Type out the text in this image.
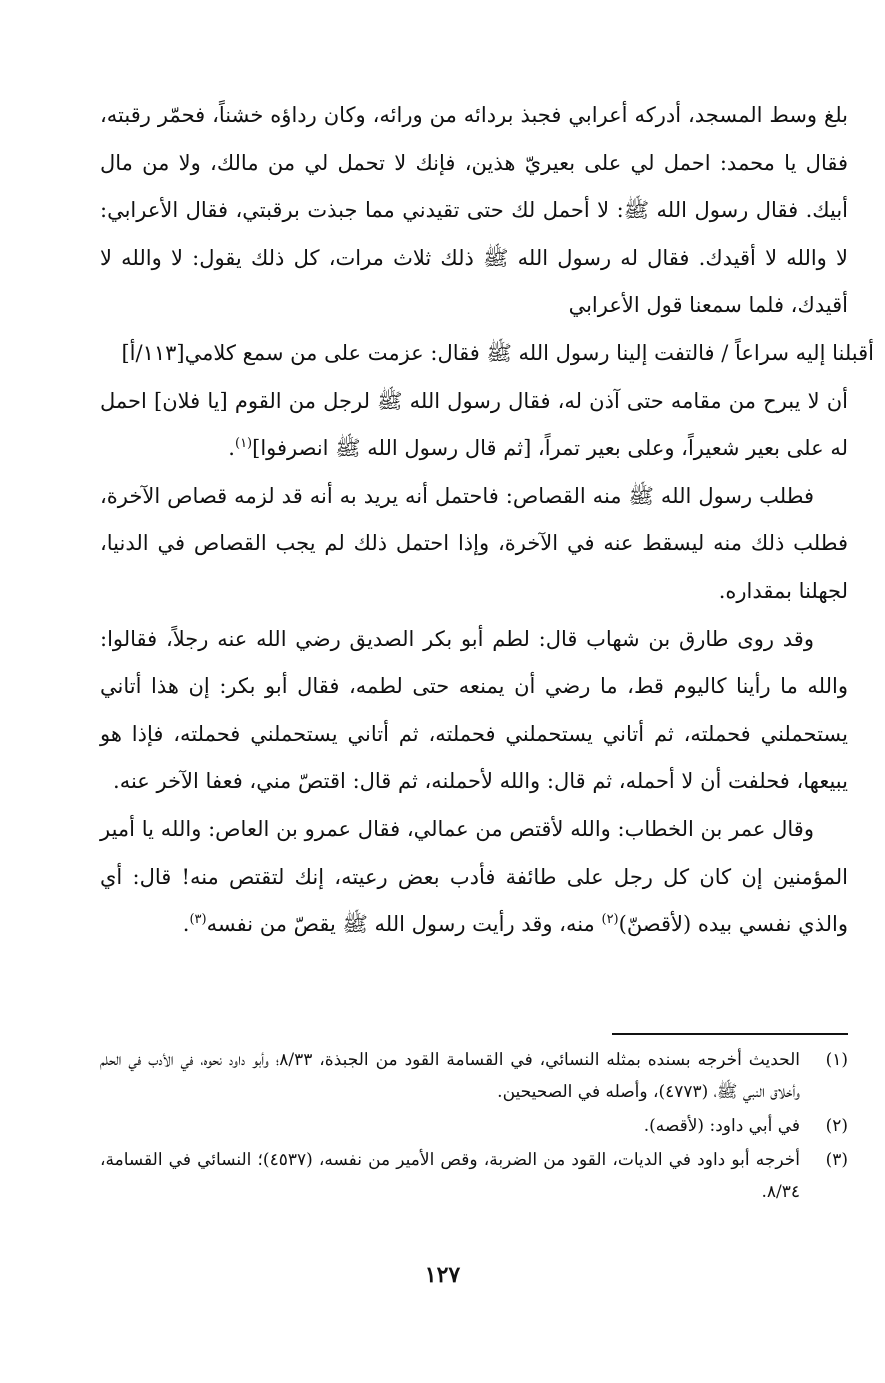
بلغ وسط المسجد، أدركه أعرابي فجبذ بردائه من ورائه، وكان رداؤه خشناً، فحمّر رقبته، فقال يا محمد: احمل لي على بعيريّ هذين، فإنك لا تحمل لي من مالك، ولا من مال أبيك. فقال رسول الله ﷺ: لا أحمل لك حتى تقيدني مما جبذت برقبتي، فقال الأعرابي: لا والله لا أقيدك. فقال له رسول الله ﷺ ذلك ثلاث مرات، كل ذلك يقول: لا والله لا أقيدك، فلما سمعنا قول الأعرابي

أقبلنا إليه سراعاً / فالتفت إلينا رسول الله ﷺ فقال: عزمت على من سمع كلامي[١١٣/أ]

أن لا يبرح من مقامه حتى آذن له، فقال رسول الله ﷺ لرجل من القوم [يا فلان] احمل له على بعير شعيراً، وعلى بعير تمراً، [ثم قال رسول الله ﷺ انصرفوا]$^{(١)}$.

فطلب رسول الله ﷺ منه القصاص: فاحتمل أنه يريد به أنه قد لزمه قصاص الآخرة، فطلب ذلك منه ليسقط عنه في الآخرة، وإذا احتمل ذلك لم يجب القصاص في الدنيا، لجهلنا بمقداره.

وقد روى طارق بن شهاب قال: لطم أبو بكر الصديق رضي الله عنه رجلاً، فقالوا: والله ما رأينا كاليوم قط، ما رضي أن يمنعه حتى لطمه، فقال أبو بكر: إن هذا أتاني يستحملني فحملته، ثم أتاني يستحملني فحملته، ثم أتاني يستحملني فحملته، فإذا هو يبيعها، فحلفت أن لا أحمله، ثم قال: والله لأحملنه، ثم قال: اقتصّ مني، فعفا الآخر عنه.

وقال عمر بن الخطاب: والله لأقتص من عمالي، فقال عمرو بن العاص: والله يا أمير المؤمنين إن كان كل رجل على طائفة فأدب بعض رعيته، إنك لتقتص منه! قال: أي والذي نفسي بيده (لأقصنّ)$^{(٢)}$ منه، وقد رأيت رسول الله ﷺ يقصّ من نفسه$^{(٣)}$.

(١)
الحديث أخرجه بسنده بمثله النسائي، في القسامة القود من الجبذة، ٨/٣٣؛ وأبو داود نحوه، في الأدب في الحلم وأخلاق النبي ﷺ، (٤٧٧٣)، وأصله في الصحيحين.
(٢)
في أبي داود: (لأقصه).
(٣)
أخرجه أبو داود في الديات، القود من الضربة، وقص الأمير من نفسه، (٤٥٣٧)؛ النسائي في القسامة، ٨/٣٤.
١٢٧
